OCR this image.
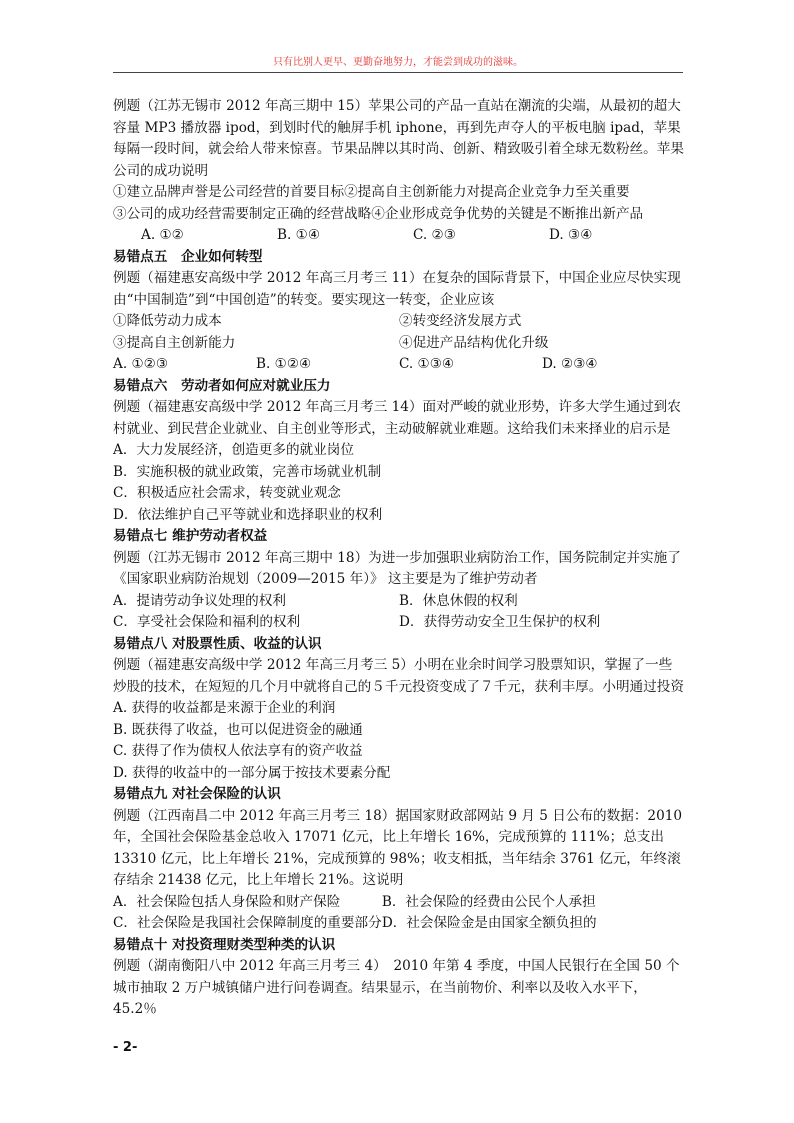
只有比别人更早、更勤奋地努力，才能尝到成功的滋味。

例题（江苏无锡市 2012 年高三期中 15）苹果公司的产品一直站在潮流的尖端，从最初的超大容量 MP3 播放器 ipod，到划时代的触屏手机 iphone，再到先声夺人的平板电脑 ipad，苹果每隔一段时间，就会给人带来惊喜。节果品牌以其时尚、创新、精致吸引着全球无数粉丝。苹果公司的成功说明

①建立品牌声誉是公司经营的首要目标②提高自主创新能力对提高企业竞争力至关重要

③公司的成功经营需要制定正确的经营战略④企业形成竞争优势的关键是不断推出新产品

A. ①②	B. ①④	C. ②③	D. ③④

易错点五　企业如何转型

例题（福建惠安高级中学 2012 年高三月考三 11）在复杂的国际背景下，中国企业应尽快实现由“中国制造”到“中国创造”的转变。要实现这一转变，企业应该

①降低劳动力成本	②转变经济发展方式
③提高自主创新能力	④促进产品结构优化升级
A. ①②③	B. ①②④	C. ①③④	D. ②③④

易错点六　劳动者如何应对就业压力

例题（福建惠安高级中学 2012 年高三月考三 14）面对严峻的就业形势，许多大学生通过到农村就业、到民营企业就业、自主创业等形式，主动破解就业难题。这给我们未来择业的启示是

A．大力发展经济，创造更多的就业岗位

B．实施积极的就业政策，完善市场就业机制

C．积极适应社会需求，转变就业观念

D．依法维护自己平等就业和选择职业的权利

易错点七 维护劳动者权益

例题（江苏无锡市 2012 年高三期中 18）为进一步加强职业病防治工作，国务院制定并实施了《国家职业病防治规划（2009—2015 年）》 这主要是为了维护劳动者

A．提请劳动争议处理的权利	B．休息休假的权利
C．享受社会保险和福利的权利	D．获得劳动安全卫生保护的权利

易错点八 对股票性质、收益的认识

例题（福建惠安高级中学 2012 年高三月考三 5）小明在业余时间学习股票知识，掌握了一些炒股的技术，在短短的几个月中就将自己的５千元投资变成了７千元，获利丰厚。小明通过投资

A. 获得的收益都是来源于企业的利润

B. 既获得了收益，也可以促进资金的融通

C. 获得了作为债权人依法享有的资产收益

D. 获得的收益中的一部分属于按技术要素分配

易错点九 对社会保险的认识

例题（江西南昌二中 2012 年高三月考三 18）据国家财政部网站 9 月 5 日公布的数据：2010 年，全国社会保险基金总收入 17071 亿元，比上年增长 16%，完成预算的 111%；总支出 13310 亿元，比上年增长 21%，完成预算的 98%；收支相抵，当年结余 3761 亿元，年终滚存结余 21438 亿元，比上年增长 21%。这说明

A．社会保险包括人身保险和财产保险	B．社会保险的经费由公民个人承担
C．社会保险是我国社会保障制度的重要部分 D．社会保险金是由国家全额负担的

易错点十 对投资理财类型种类的认识

例题（湖南衡阳八中 2012 年高三月考三 4）　2010 年第 4 季度，中国人民银行在全国 50 个城市抽取 2 万户城镇储户进行问卷调查。结果显示，在当前物价、利率以及收入水平下，45.2％

- 2-
